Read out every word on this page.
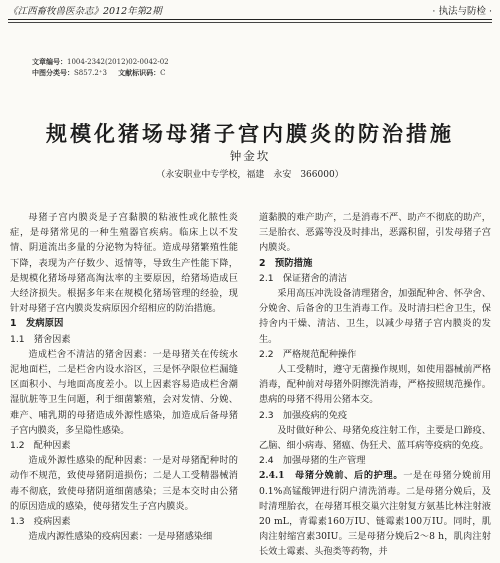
《江西畜牧兽医杂志》2012年第2期	· 执法与防检 ·
文章编号：1004-2342(2012)02-0042-02
中图分类号：S857.2⁺3 文献标识码：C
规模化猪场母猪子宫内膜炎的防治措施
钟金坎
（永安职业中专学校，福建　永安　366000）

母猪子宫内膜炎是子宫黏膜的粘液性或化脓性炎症，是母猪常见的一种生殖器官疾病。临床上以不发情、阴道流出多量的分泌物为特征。造成母猪繁殖性能下降，表现为产仔数少、返情等，导致生产性能下降，是规模化猪场母猪高淘汰率的主要原因，给猪场造成巨大经济损失。根据多年来在规模化猪场管理的经验，现针对母猪子宫内膜炎发病原因介绍相应的防治措施。

1　发病原因

1.1　猪舍因素

造成栏舍不清洁的猪舍因素：一是母猪关在传统水泥地面栏，二是栏舍内设水浴区，三是怀孕限位栏漏缝区面积小、与地面高度差小。以上因素容易造成栏舍潮湿肮脏等卫生问题，利于细菌繁殖，会对发情、分娩、难产、哺乳期的母猪造成外源性感染，加造成后备母猪子宫内膜炎，多呈隐性感染。

1.2　配种因素

造成外源性感染的配种因素：一是对母猪配种时的动作不规范，致使母猪阴道损伤；二是人工受精器械消毒不彻底，致使母猪阴道细菌感染；三是本交时由公猪的原因造成的感染，使母猪发生子宫内膜炎。

1.3　疫病因素

造成内源性感染的疫病因素：一是母猪感染细

道黏膜的难产助产，二是消毒不严、助产不彻底的助产，三是胎衣、恶露等没及时排出，恶露积留，引发母猪子宫内膜炎。

2　预防措施

2.1　保证猪舍的清洁

采用高压冲洗设备清理猪舍，加强配种舍、怀孕舍、分娩舍、后备舍的卫生消毒工作。及时清扫栏舍卫生，保持舍内干燥、清洁、卫生，以减少母猪子宫内膜炎的发生。

2.2　严格规范配种操作

人工受精时，遵守无菌操作规则，如使用器械前严格消毒，配种前对母猪外阴擦洗消毒，严格按照规范操作。患病的母猪不得用公猪本交。

2.3　加强疫病的免疫

及时做好种公、母猪免疫注射工作，主要是口蹄疫、乙脑、细小病毒、猪瘟、伪狂犬、蓝耳病等疫病的免疫。

2.4　加强母猪的生产管理

2.4.1　母猪分娩前、后的护理。一是在母猪分娩前用0.1%高锰酸钾进行阴户清洗消毒。二是母猪分娩后，及时清理胎衣，在母猪耳根交巢穴注射复方氨基比林注射液20 mL，青霉素160万IU、链霉素100万IU。同时，肌肉注射缩宫素30IU。三是母猪分娩后2～8 h，肌肉注射长效土霉素、头孢类等药物，并
